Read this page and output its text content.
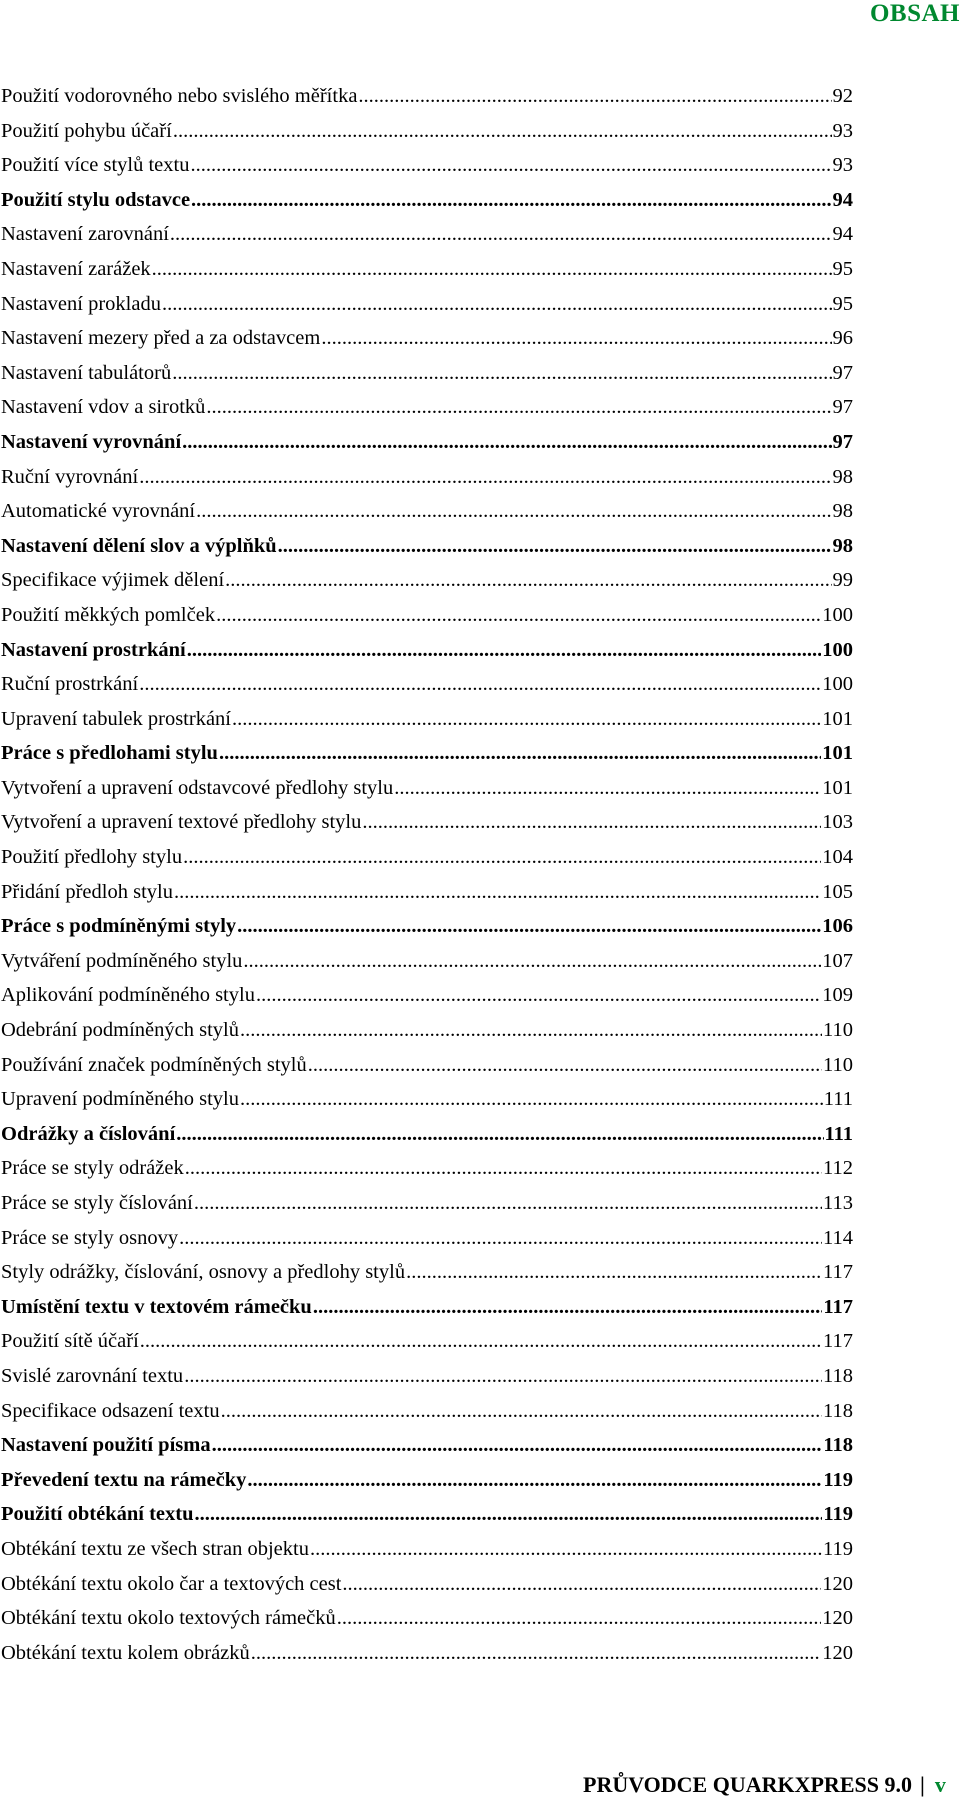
OBSAH
Použití vodorovného nebo svislého měřítka .....	92
Použití pohybu účaří .....	93
Použití více stylů textu .....	93
Použití stylu odstavce .....	94
Nastavení zarovnání .....	94
Nastavení zarážek .....	95
Nastavení prokladu .....	95
Nastavení mezery před a za odstavcem .....	96
Nastavení tabulátorů .....	97
Nastavení vdov a sirotků .....	97
Nastavení vyrovnání .....	97
Ruční vyrovnání .....	98
Automatické vyrovnání .....	98
Nastavení dělení slov a výplňků .....	98
Specifikace výjimek dělení .....	99
Použití měkkých pomlček .....	100
Nastavení prostrkání .....	100
Ruční prostrkání .....	100
Upravení tabulek prostrkání .....	101
Práce s předlohami stylu .....	101
Vytvoření a upravení odstavcové předlohy stylu .....	101
Vytvoření a upravení textové předlohy stylu .....	103
Použití předlohy stylu .....	104
Přidání předloh stylu .....	105
Práce s podmíněnými styly .....	106
Vytváření podmíněného stylu .....	107
Aplikování podmíněného stylu .....	109
Odebrání podmíněných stylů .....	110
Používání značek podmíněných stylů .....	110
Upravení podmíněného stylu .....	111
Odrážky a číslování .....	111
Práce se styly odrážek .....	112
Práce se styly číslování .....	113
Práce se styly osnovy .....	114
Styly odrážky, číslování, osnovy a předlohy stylů .....	117
Umístění textu v textovém rámečku .....	117
Použití sítě účaří .....	117
Svislé zarovnání textu .....	118
Specifikace odsazení textu .....	118
Nastavení použití písma .....	118
Převedení textu na rámečky .....	119
Použití obtékání textu .....	119
Obtékání textu ze všech stran objektu .....	119
Obtékání textu okolo čar a textových cest .....	120
Obtékání textu okolo textových rámečků .....	120
Obtékání textu kolem obrázků .....	120
PRŮVODCE QUARKXPRESS 9.0 | v
